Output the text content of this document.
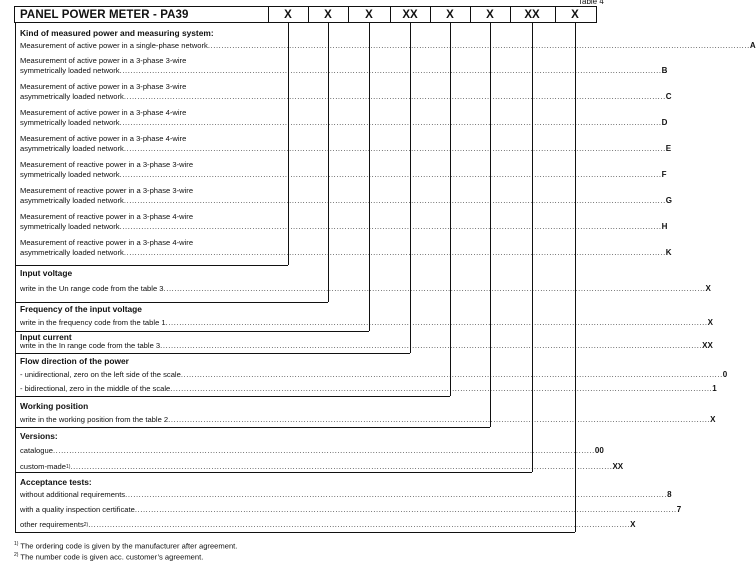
Table 4
PANEL POWER METER - PA39	X	X	X	XX	X	X	XX	X
Kind of measured power and measuring system:
Measurement of active power in a single-phase network ........................................................................................................................................................................................................ A
Measurement of active power in a 3-phase 3-wire
symmetrically loaded network ........................................................................................................................................................................................................ B
Measurement of active power in a 3-phase 3-wire
asymmetrically loaded network ........................................................................................................................................................................................................ C
Measurement of active power in a 3-phase 4-wire
symmetrically loaded network ........................................................................................................................................................................................................ D
Measurement of active power in a 3-phase 4-wire
asymmetrically loaded network ........................................................................................................................................................................................................ E
Measurement of reactive power in a 3-phase 3-wire
symmetrically loaded network ........................................................................................................................................................................................................ F
Measurement of reactive power in a 3-phase 3-wire
asymmetrically loaded network ........................................................................................................................................................................................................ G
Measurement of reactive power in a 3-phase 4-wire
symmetrically loaded network ........................................................................................................................................................................................................ H
Measurement of reactive power in a 3-phase 4-wire
asymmetrically loaded network ........................................................................................................................................................................................................ K
Input voltage
write in the Un range code from the table 3 ........................................................................................................................................................................................................ X
Frequency of the input voltage
write in the frequency code from the table 1 ........................................................................................................................................................................................................ X
Input current
write in the In range code from the table 3 ........................................................................................................................................................................................................ XX
Flow direction of the power
- unidirectional, zero on the left side of the scale ........................................................................................................................................................................................................ 0
- bidirectional, zero in the middle of the scale ........................................................................................................................................................................................................ 1
Working position
write in the working position from the table 2 ........................................................................................................................................................................................................ X
Versions:
catalogue ........................................................................................................................................................................................................ 00
custom-made 1) ........................................................................................................................................................................................................ XX
Acceptance tests:
without additional requirements ........................................................................................................................................................................................................ 8
with a quality inspection certificate ........................................................................................................................................................................................................ 7
other requirements 2) ........................................................................................................................................................................................................ X
$^{1)}$ The ordering code is given by the manufacturer after agreement.
$^{2)}$ The number code is given acc. customer’s agreement.
